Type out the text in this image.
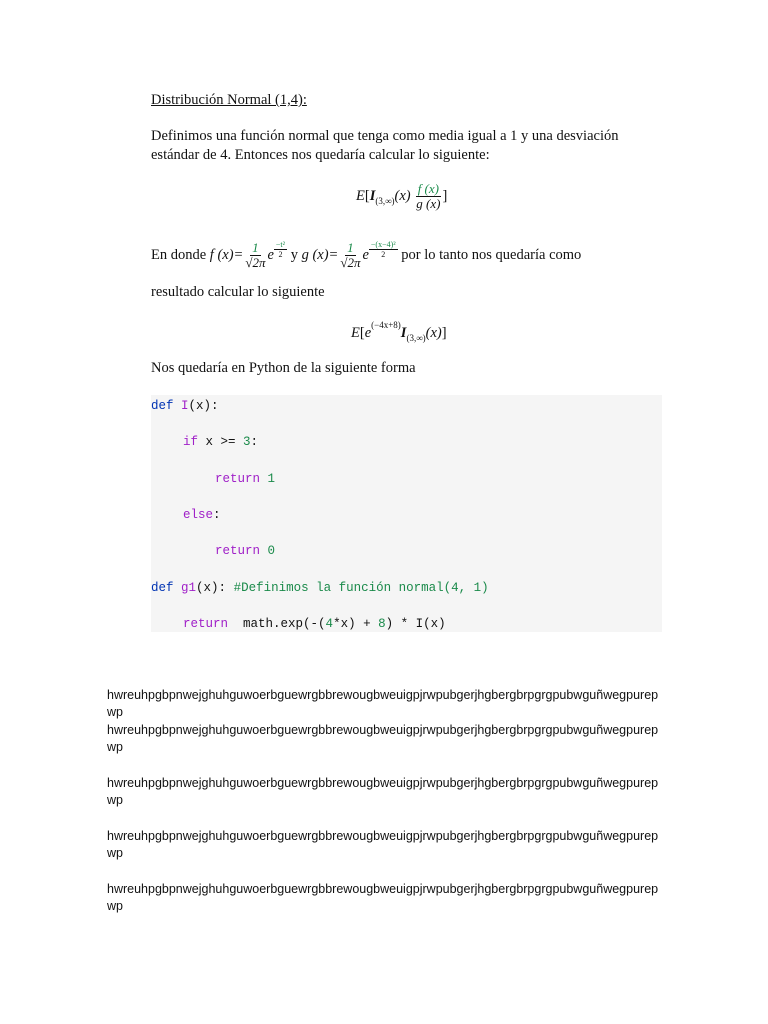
Distribución Normal (1,4):

Definimos una función normal que tenga como media igual a 1 y una desviación estándar de 4. Entonces nos quedaría calcular lo siguiente:

$E[I_{(3,\infty)}(x) \frac{f (x)}{g (x)}$ ]
En donde f $(x)= \frac{1}{√2\pi}$ e $\frac{\text{−t²}}{2}$ y g $(x)= \frac{1}{√2\pi}$ e $\frac{\text{−(x−4)²}}{2}$ por lo tanto nos quedaría como
resultado calcular lo siguiente
$E[e^{(-4x+8)}I_{(3,\infty)}(x)]$
Nos quedaría en Python de la siguiente forma
def I(x):
if x >= 3:
return 1
else:
return 0
def g1(x): #Definimos la función normal(4, 1)
return  math.exp(-(4*x) + 8) * I(x)
hwreuhpgbpnwejghuhguwoerbguewrgbbrewougbweuigpjrwpubgerjhgbergbrpgrgpubwguñwegpurepwp
hwreuhpgbpnwejghuhguwoerbguewrgbbrewougbweuigpjrwpubgerjhgbergbrpgrgpubwguñwegpurepwp
hwreuhpgbpnwejghuhguwoerbguewrgbbrewougbweuigpjrwpubgerjhgbergbrpgrgpubwguñwegpurepwp
hwreuhpgbpnwejghuhguwoerbguewrgbbrewougbweuigpjrwpubgerjhgbergbrpgrgpubwguñwegpurepwp
hwreuhpgbpnwejghuhguwoerbguewrgbbrewougbweuigpjrwpubgerjhgbergbrpgrgpubwguñwegpurepwp
